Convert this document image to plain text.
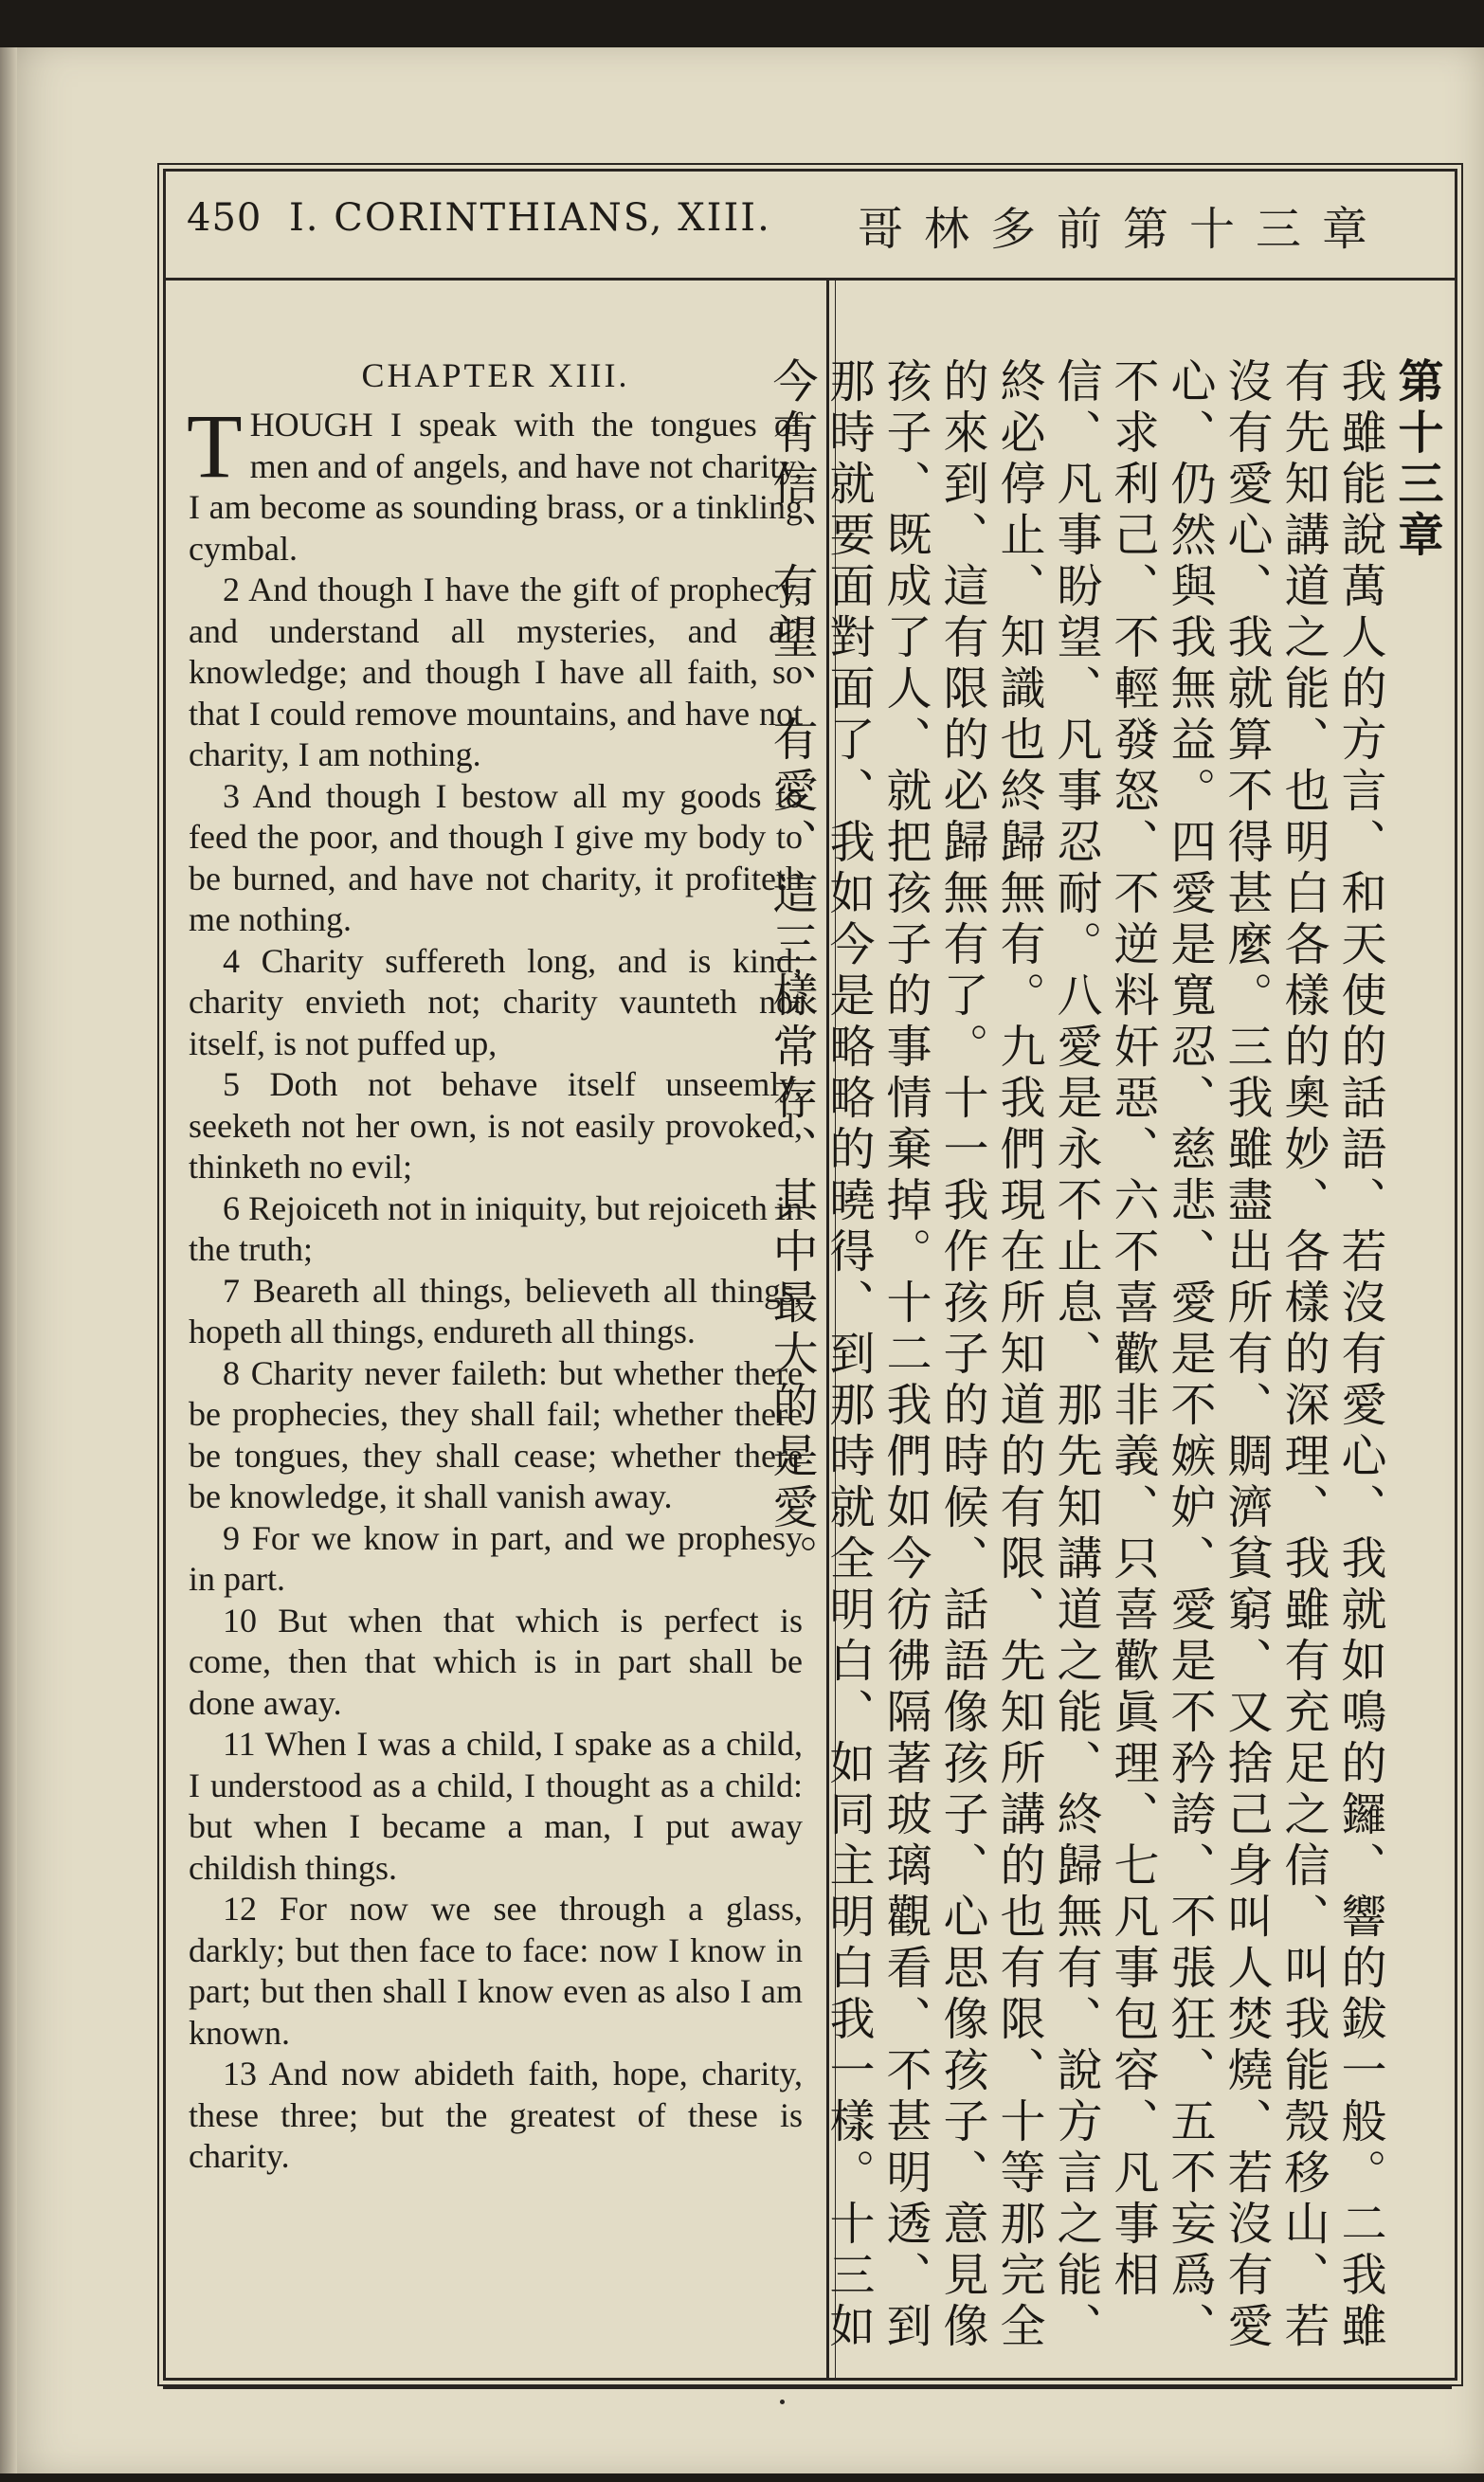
450 I. CORINTHIANS, XIII. 哥林多前第十三章
CHAPTER XIII.

THOUGH I speak with the tongues of men and of angels, and have not charity, I am become as sounding brass, or a tinkling cymbal.

2 And though I have the gift of prophecy, and understand all mysteries, and all knowledge; and though I have all faith, so that I could remove mountains, and have not charity, I am nothing.

3 And though I bestow all my goods to feed the poor, and though I give my body to be burned, and have not charity, it profiteth me nothing.

4 Charity suffereth long, and is kind; charity envieth not; charity vaunteth not itself, is not puffed up,

5 Doth not behave itself unseemly, seeketh not her own, is not easily provoked, thinketh no evil;

6 Rejoiceth not in iniquity, but rejoiceth in the truth;

7 Beareth all things, believeth all things, hopeth all things, endureth all things.

8 Charity never faileth: but whether there be prophecies, they shall fail; whether there be tongues, they shall cease; whether there be knowledge, it shall vanish away.

9 For we know in part, and we prophesy in part.

10 But when that which is perfect is come, then that which is in part shall be done away.

11 When I was a child, I spake as a child, I understood as a child, I thought as a child: but when I became a man, I put away childish things.

12 For now we see through a glass, darkly; but then face to face: now I know in part; but then shall I know even as also I am known.

13 And now abideth faith, hope, charity, these three; but the greatest of these is charity.

第十三章
我雖能說萬人的方言、和天使的話語、若沒有愛心、我就如鳴的鑼、響的鈸一般。二我雖有先知講道之能、也明白各樣的奧妙、各樣的深理、我雖有充足之信、叫我能殼移山、若沒有愛心、我就算不得甚麼。三我雖盡出所有、賙濟貧窮、又捨己身叫人焚燒、若沒有愛心、仍然與我無益。四愛是寬忍、慈悲、愛是不嫉妒、愛是不矜誇、不張狂、五不妄爲、不求利己、不輕發怒、不逆料奸惡、六不喜歡非義、只喜歡眞理、七凡事包容、凡事相信、凡事盼望、凡事忍耐。八愛是永不止息、那先知講道之能、終歸無有、說方言之能、終必停止、知識也終歸無有。九我們現在所知道的有限、先知所講的也有限、十等那完全的來到、這有限的必歸無有了。十一我作孩子的時候、話語像孩子、心思像孩子、意見像孩子、既成了人、就把孩子的事情棄掉。十二我們如今彷彿隔著玻璃觀看、不甚明透、到那時就要面對面了、我如今是略略的曉得、到那時就全明白、如同主明白我一樣。十三如今有信、有望、有愛、這三樣常存、其中最大的是愛。
